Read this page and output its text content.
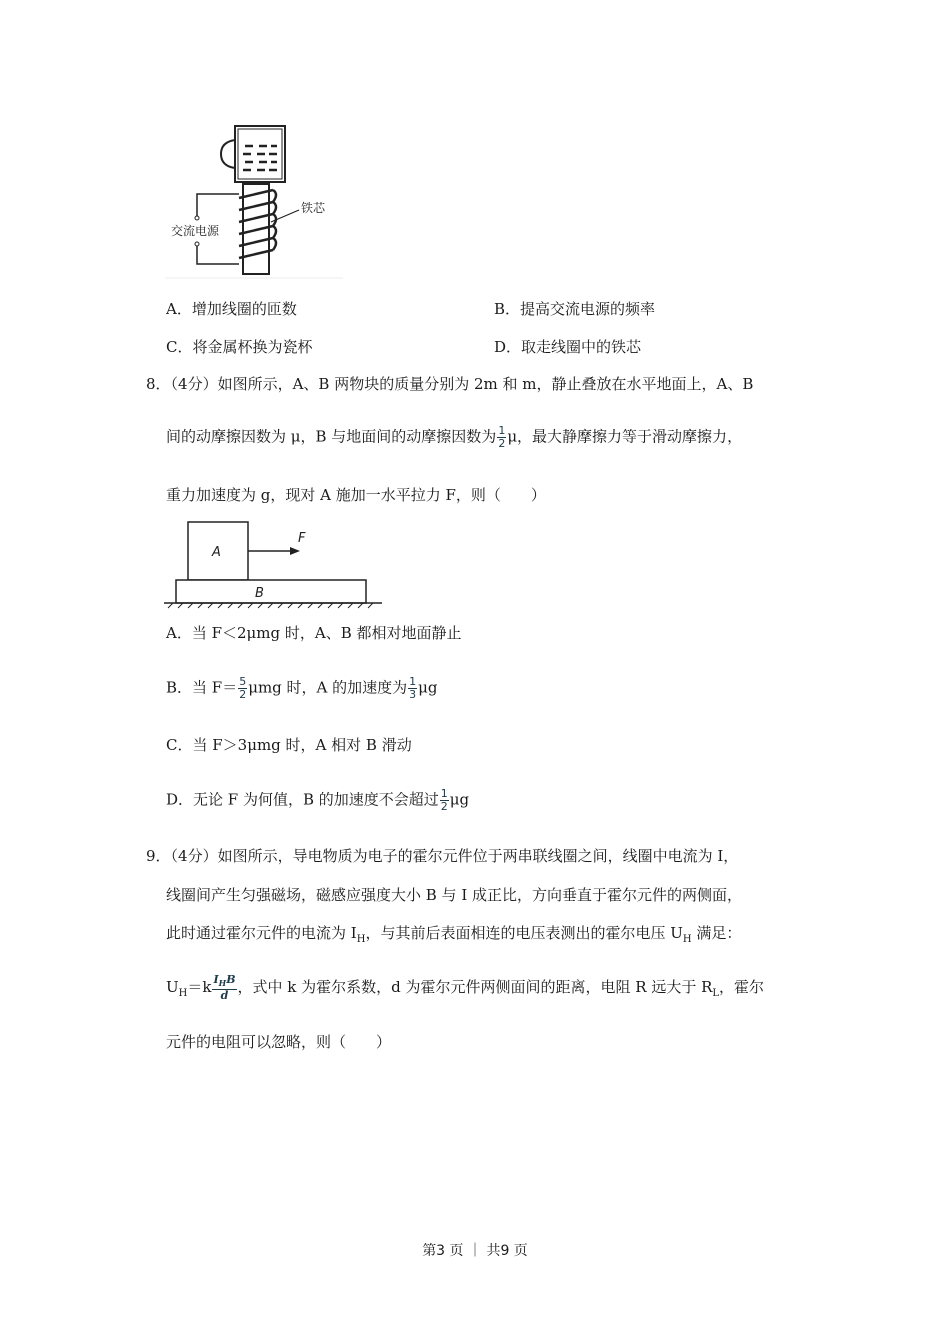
铁芯
交流电源
A．增加线圈的匝数	B．提高交流电源的频率
C．将金属杯换为瓷杯	D．取走线圈中的铁芯
8．（4分）如图所示，A、B 两物块的质量分别为 2m 和 m，静止叠放在水平地面上，A、B
间的动摩擦因数为 μ，B 与地面间的动摩擦因数为 $\frac{1}{2}$ μ，最大静摩擦力等于滑动摩擦力，
重力加速度为 g，现对 A 施加一水平拉力 F，则（　　）
A
F
B
A．当 F＜2μmg 时，A、B 都相对地面静止
B．当 $F= \frac{5}{2}$ μmg 时，A 的加速度为 $\frac{1}{3}$ μg
C．当 F＞3μmg 时，A 相对 B 滑动
D．无论 F 为何值，B 的加速度不会超过 $\frac{1}{2}$ μg
9．（4分）如图所示，导电物质为电子的霍尔元件位于两串联线圈之间，线圈中电流为 I，
线圈间产生匀强磁场，磁感应强度大小 B 与 I 成正比，方向垂直于霍尔元件的两侧面，
此时通过霍尔元件的电流为 $I_H$，与其前后表面相连的电压表测出的霍尔电压 $U_H$ 满足：
$U_H=k \frac{I_HB}{d}$ ，式中 k 为霍尔系数，d 为霍尔元件两侧面间的距离，电阻 R 远大于 $R_L$，霍尔
元件的电阻可以忽略，则（　　）
第3 页 ｜ 共9 页
